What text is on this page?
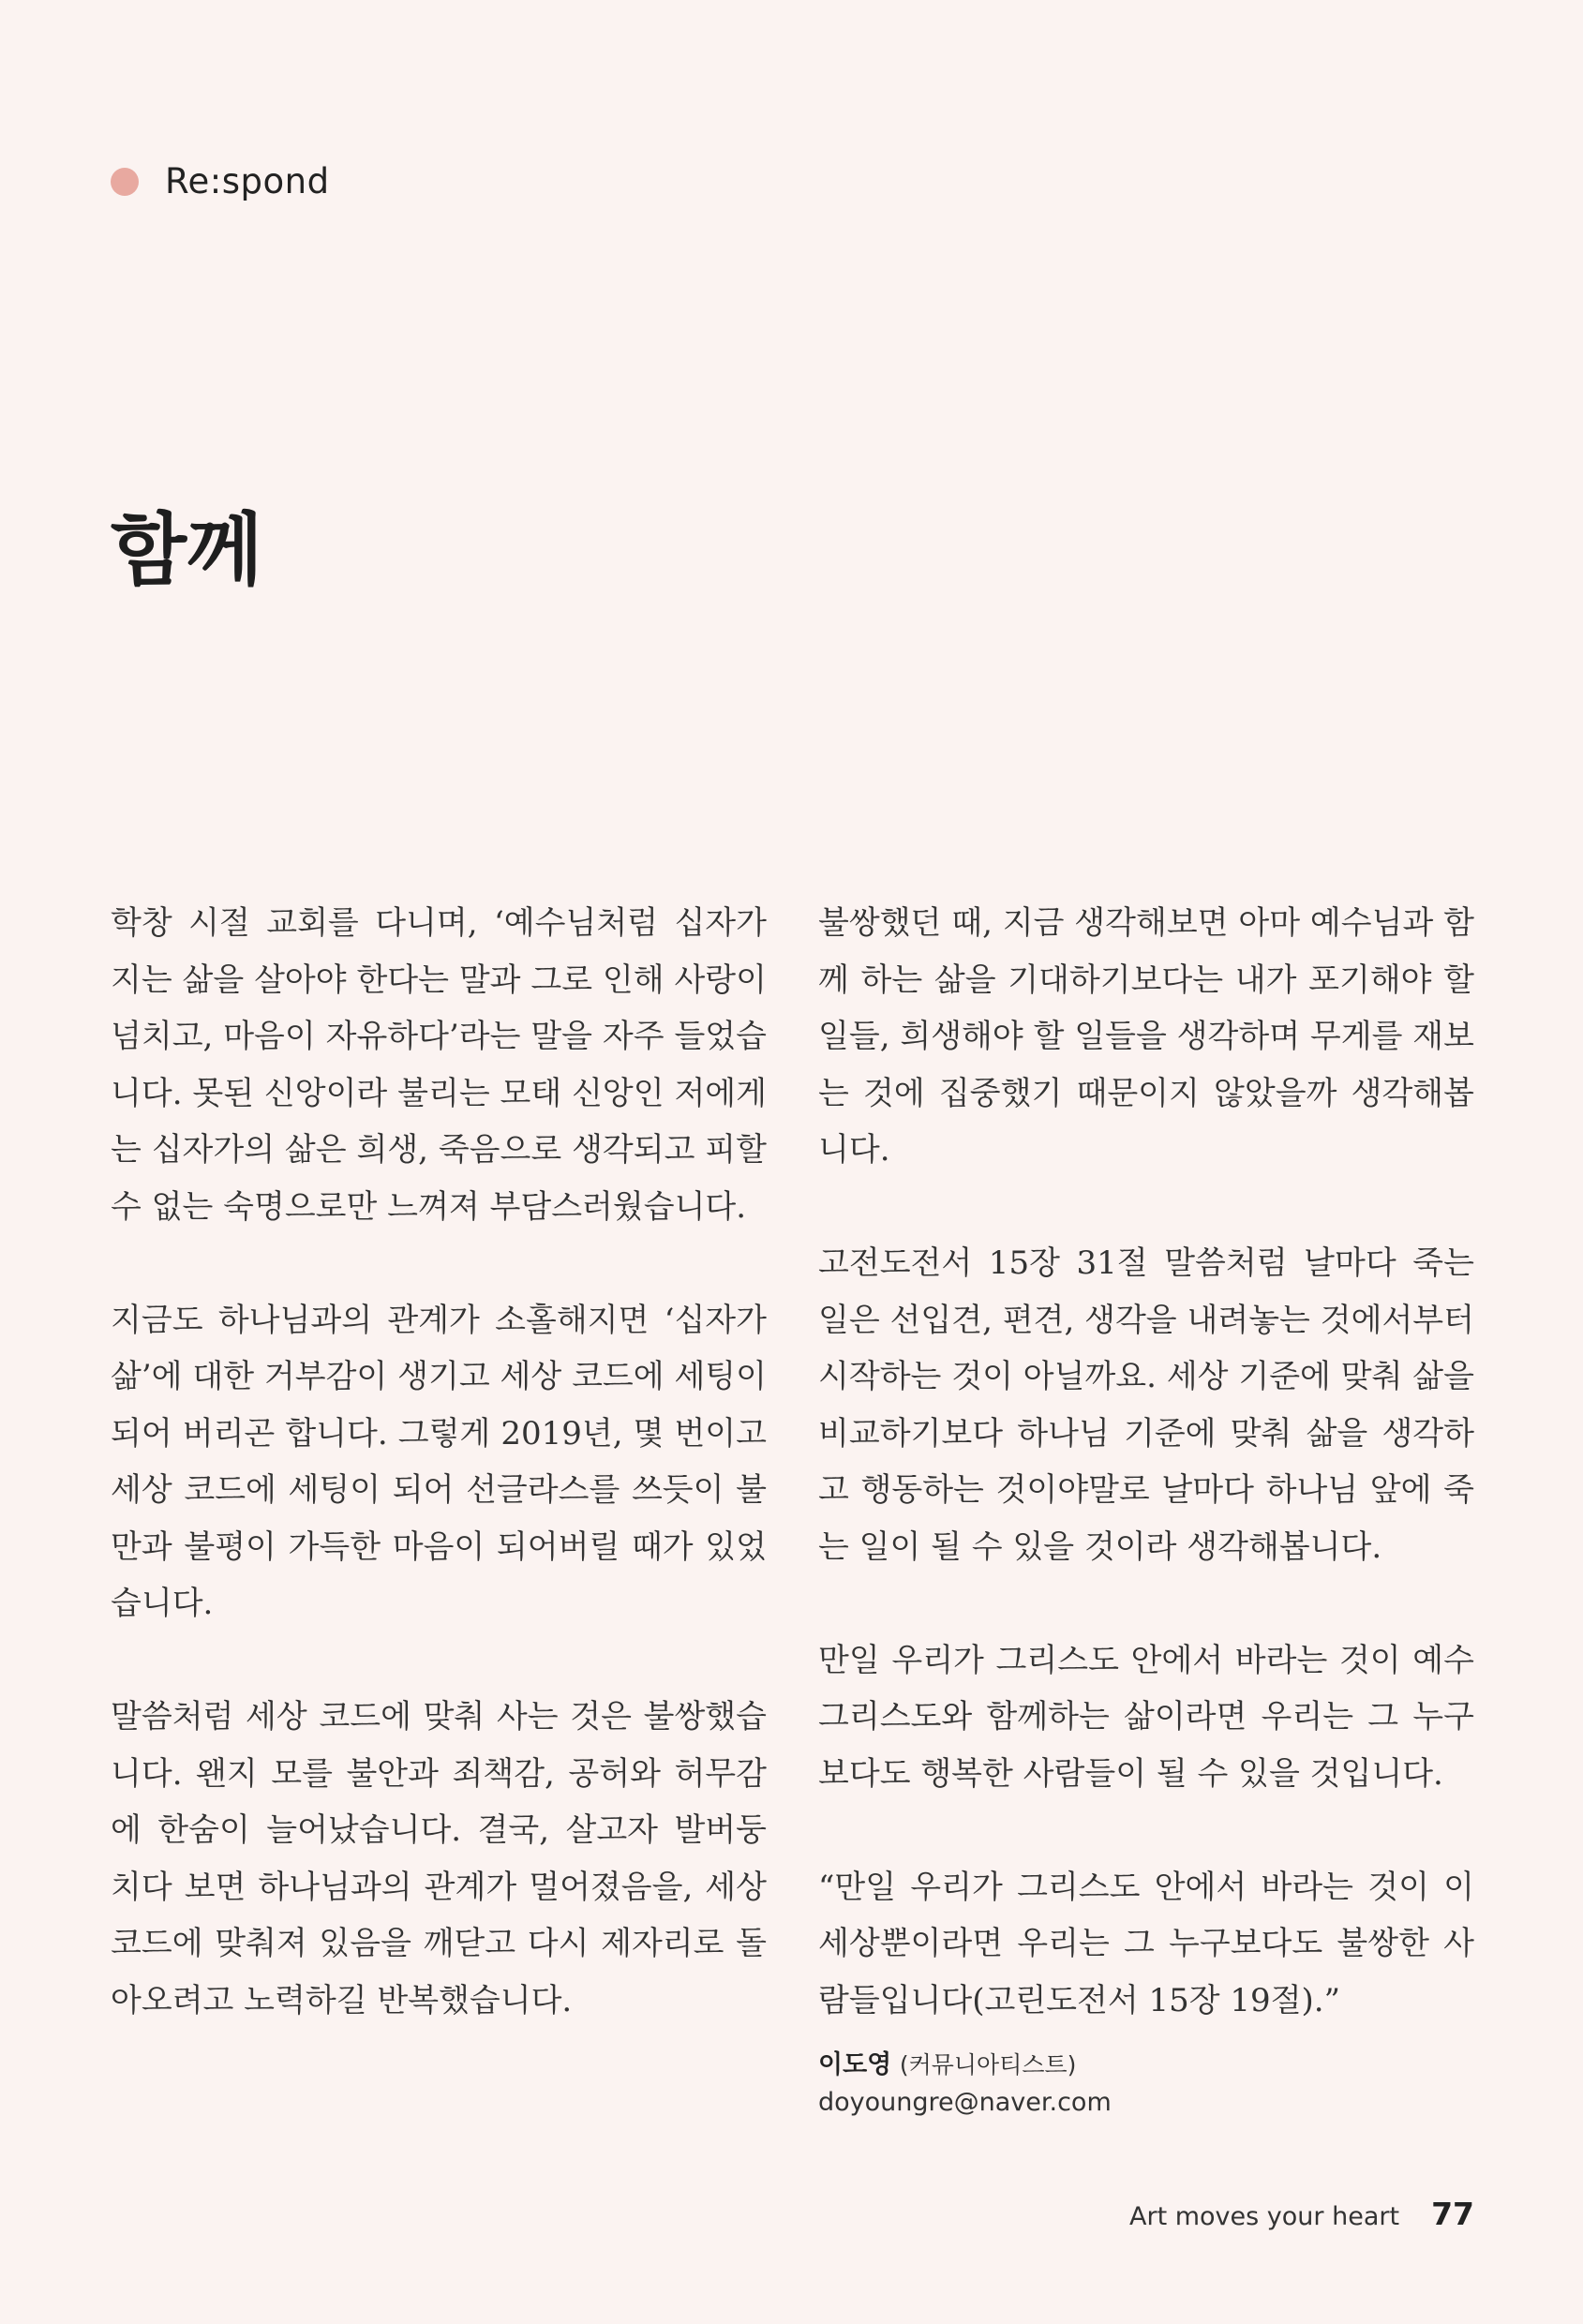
Re:spond
함께

학창 시절 교회를 다니며, ‘예수님처럼 십자가 지는 삶을 살아야 한다는 말과 그로 인해 사랑이 넘치고, 마음이 자유하다’라는 말을 자주 들었습니다. 못된 신앙이라 불리는 모태 신앙인 저에게는 십자가의 삶은 희생, 죽음으로 생각되고 피할 수 없는 숙명으로만 느껴져 부담스러웠습니다.

지금도 하나님과의 관계가 소홀해지면 ‘십자가 삶’에 대한 거부감이 생기고 세상 코드에 세팅이 되어 버리곤 합니다. 그렇게 2019년, 몇 번이고 세상 코드에 세팅이 되어 선글라스를 쓰듯이 불만과 불평이 가득한 마음이 되어버릴 때가 있었습니다.

말씀처럼 세상 코드에 맞춰 사는 것은 불쌍했습니다. 왠지 모를 불안과 죄책감, 공허와 허무감에 한숨이 늘어났습니다. 결국, 살고자 발버둥 치다 보면 하나님과의 관계가 멀어졌음을, 세상 코드에 맞춰져 있음을 깨닫고 다시 제자리로 돌아오려고 노력하길 반복했습니다.

불쌍했던 때, 지금 생각해보면 아마 예수님과 함께 하는 삶을 기대하기보다는 내가 포기해야 할 일들, 희생해야 할 일들을 생각하며 무게를 재보는 것에 집중했기 때문이지 않았을까 생각해봅니다.

고전도전서 15장 31절 말씀처럼 날마다 죽는 일은 선입견, 편견, 생각을 내려놓는 것에서부터 시작하는 것이 아닐까요. 세상 기준에 맞춰 삶을 비교하기보다 하나님 기준에 맞춰 삶을 생각하고 행동하는 것이야말로 날마다 하나님 앞에 죽는 일이 될 수 있을 것이라 생각해봅니다.

만일 우리가 그리스도 안에서 바라는 것이 예수 그리스도와 함께하는 삶이라면 우리는 그 누구보다도 행복한 사람들이 될 수 있을 것입니다.

“만일 우리가 그리스도 안에서 바라는 것이 이 세상뿐이라면 우리는 그 누구보다도 불쌍한 사람들입니다(고린도전서 15장 19절).”

이도영 (커뮤니아티스트)
doyoungre@naver.com
Art moves your heart 77
